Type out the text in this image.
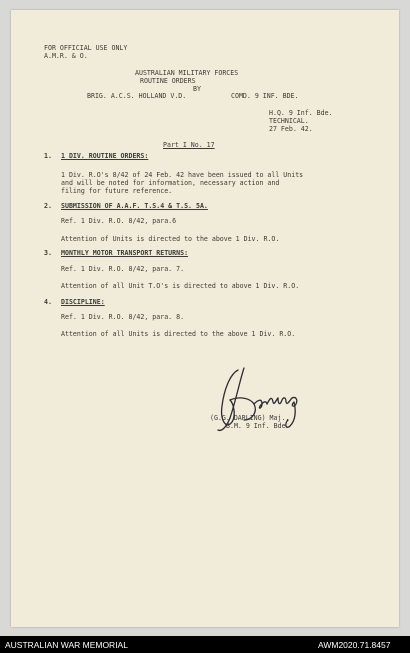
FOR OFFICIAL USE ONLY
A.M.R. & O.
AUSTRALIAN MILITARY FORCES
ROUTINE ORDERS
BY
BRIG. A.C.S. HOLLAND V.D.	COMD. 9 INF. BDE.
H.Q. 9 Inf. Bde.
TECHNICAL.
27 Feb. 42.
Part I No. 17
1. 1 DIV. ROUTINE ORDERS:
1 Div. R.O's 8/42 of 24 Feb. 42 have been issued to all Units
and will be noted for information, necessary action and
filing for future reference.
2. SUBMISSION OF A.A.F. T.S.4 & T.S. 5A.
Ref. 1 Div. R.O. 8/42, para.6
Attention of Units is directed to the above 1 Div. R.O.
3. MONTHLY MOTOR TRANSPORT RETURNS:
Ref. 1 Div. R.O. 8/42, para. 7.
Attention of all Unit T.O's is directed to above 1 Div. R.O.
4. DISCIPLINE:
Ref. 1 Div. R.O. 8/42, para. 8.
Attention of all Units is directed to the above 1 Div. R.O.
(G.G. DARLING) Maj.,
B.M. 9 Inf. Bde.
AUSTRALIAN WAR MEMORIAL	AWM2020.71.8457
